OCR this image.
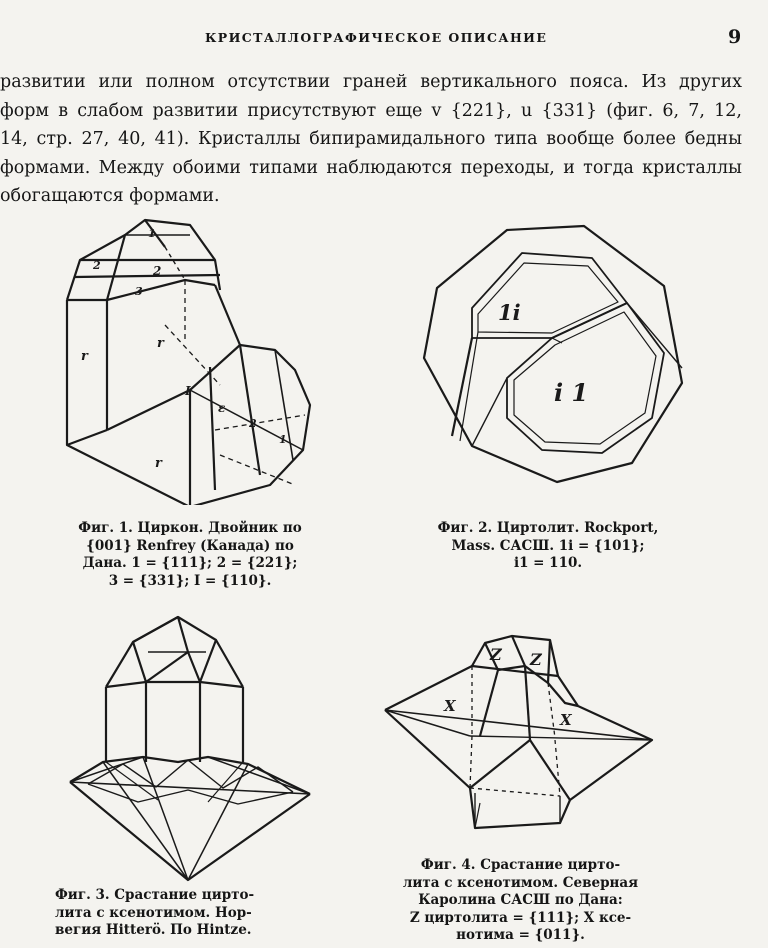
КРИСТАЛЛОГРАФИЧЕСКОЕ ОПИСАНИЕ	9
развитии или полном отсутствии граней вертикального пояса. Из других
форм в слабом развитии присутствуют еще v {221}, u {331} (фиг. 6, 7, 12,
14, стр. 27, 40, 41). Кристаллы бипирамидального типа вообще более бедны
формами. Между обоими типами наблюдаются переходы, и тогда кристаллы
обогащаются формами.
1
2	2
3
r
r
r
I
ε
2
1
Фиг. 1. Циркон. Двойник по
{001} Renfrey (Канада) по
Дана. 1 = {111}; 2 = {221};
3 = {331}; I = {110}.
1i
i 1
Фиг. 2. Циртолит. Rockport,
Mass. САСШ. 1i = {101};
i1 = 110.
Фиг. 3. Срастание цирто-
лита с ксенотимом. Нор-
вегия Hitterö. По Hintze.
Z Z
X
X
Фиг. 4. Срастание цирто-
лита с ксенотимом. Северная
Каролина САСШ по Дана:
Z циртолита = {111}; X ксе-
нотима = {011}.
